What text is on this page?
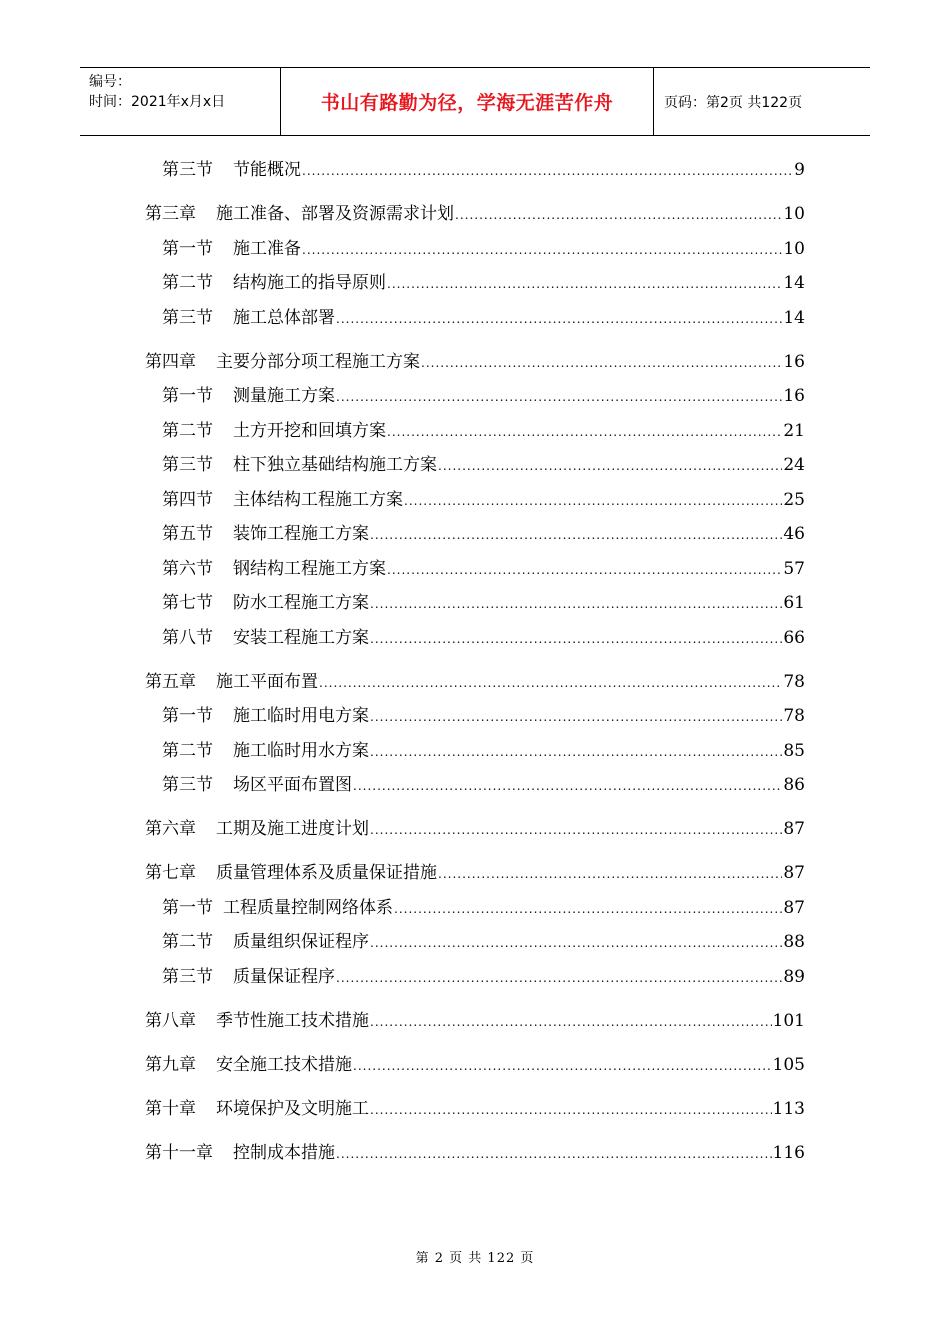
编号：
时间：2021年x月x日	书山有路勤为径，学海无涯苦作舟	页码：第2页 共122页
第三节 节能概况 .....	9
第三章 施工准备、部署及资源需求计划 .....	10
第一节 施工准备 .....	10
第二节 结构施工的指导原则 .....	14
第三节 施工总体部署 .....	14
第四章 主要分部分项工程施工方案 .....	16
第一节 测量施工方案 .....	16
第二节 土方开挖和回填方案 .....	21
第三节 柱下独立基础结构施工方案 .....	24
第四节 主体结构工程施工方案 .....	25
第五节 装饰工程施工方案 .....	46
第六节 钢结构工程施工方案 .....	57
第七节 防水工程施工方案 .....	61
第八节 安装工程施工方案 .....	66
第五章 施工平面布置 .....	78
第一节 施工临时用电方案 .....	78
第二节 施工临时用水方案 .....	85
第三节 场区平面布置图 .....	86
第六章 工期及施工进度计划 .....	87
第七章 质量管理体系及质量保证措施 .....	87
第一节 工程质量控制网络体系 .....	87
第二节 质量组织保证程序 .....	88
第三节 质量保证程序 .....	89
第八章 季节性施工技术措施 .....	101
第九章 安全施工技术措施 .....	105
第十章 环境保护及文明施工 .....	113
第十一章 控制成本措施 .....	116
第 2 页 共 122 页
